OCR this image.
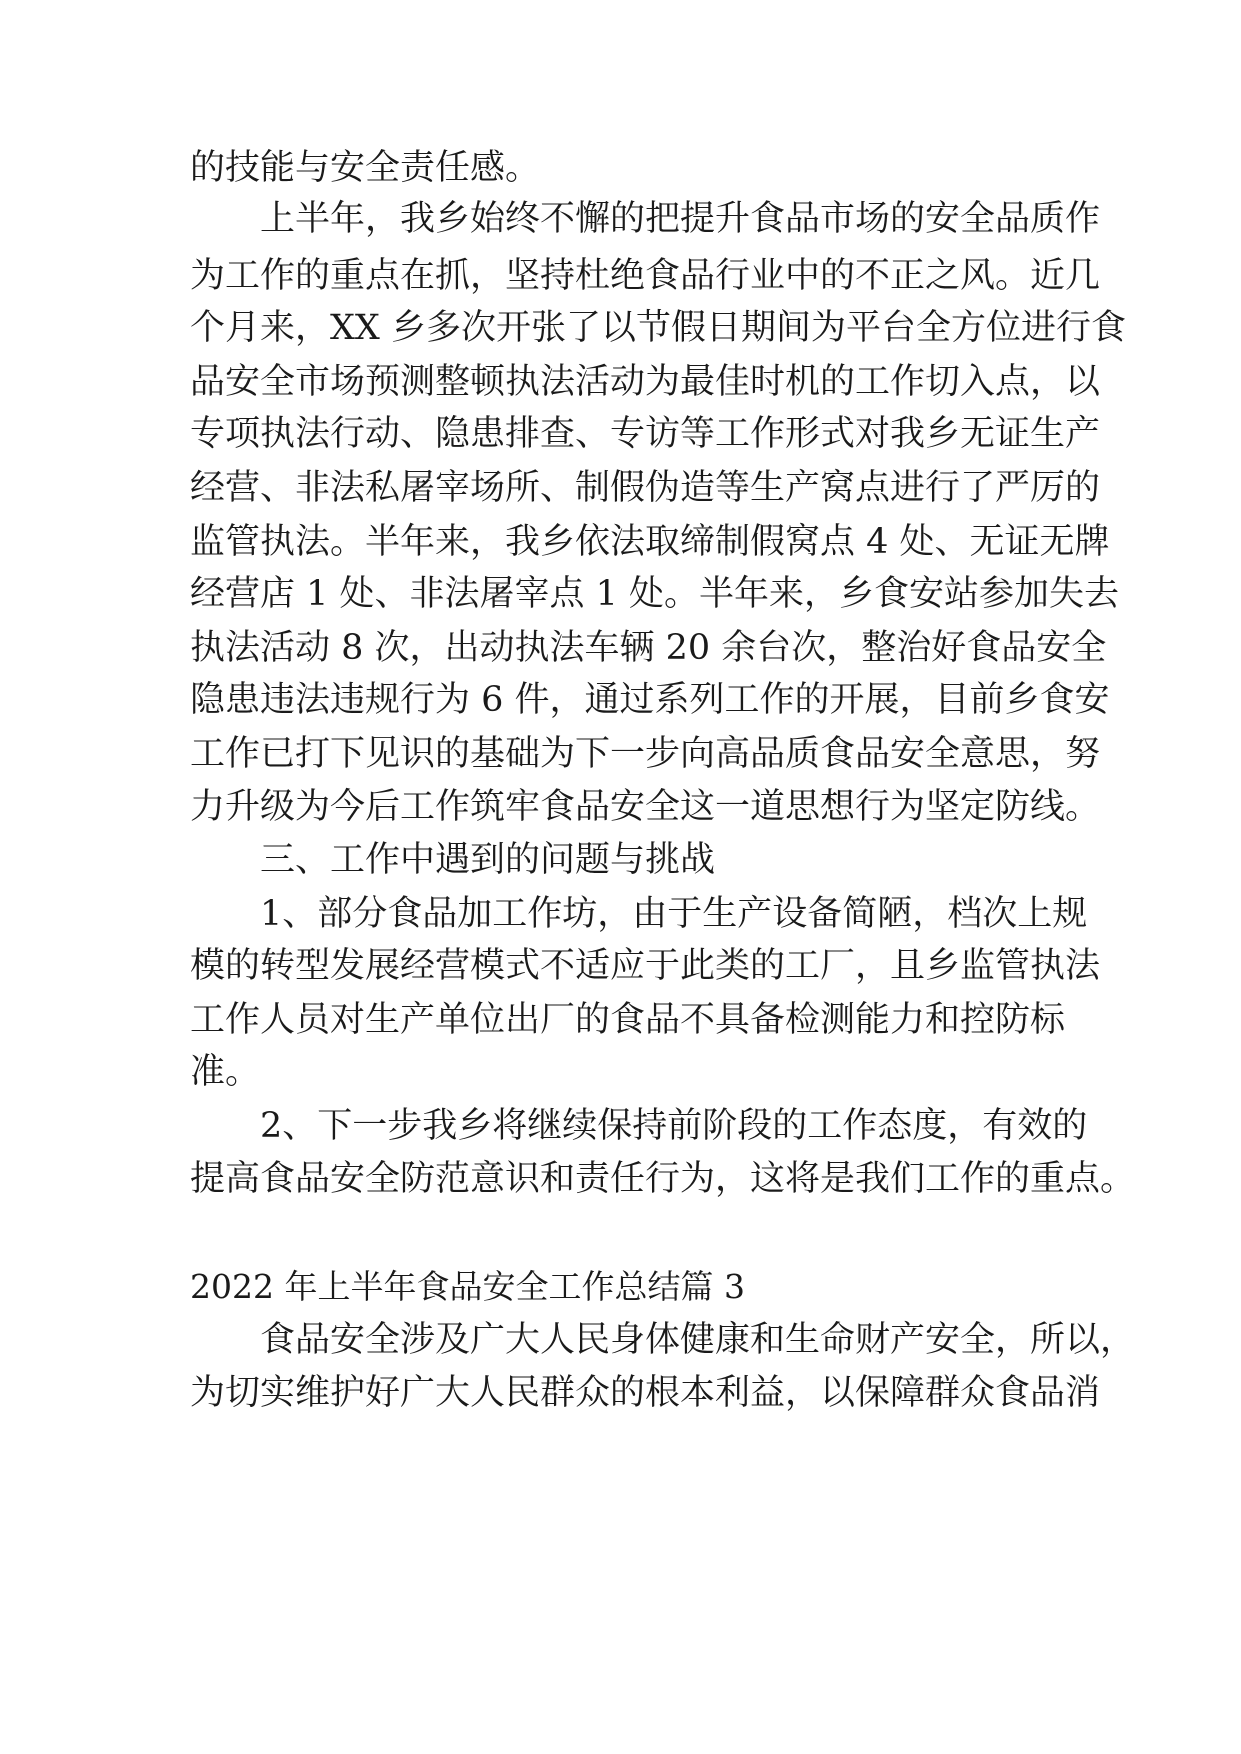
的技能与安全责任感。
上半年，我乡始终不懈的把提升食品市场的安全品质作
为工作的重点在抓，坚持杜绝食品行业中的不正之风。近几
个月来，XX 乡多次开张了以节假日期间为平台全方位进行食
品安全市场预测整顿执法活动为最佳时机的工作切入点，以
专项执法行动、隐患排查、专访等工作形式对我乡无证生产
经营、非法私屠宰场所、制假伪造等生产窝点进行了严厉的
监管执法。半年来，我乡依法取缔制假窝点 4 处、无证无牌
经营店 1 处、非法屠宰点 1 处。半年来，乡食安站参加失去
执法活动 8 次，出动执法车辆 20 余台次，整治好食品安全
隐患违法违规行为 6 件，通过系列工作的开展，目前乡食安
工作已打下见识的基础为下一步向高品质食品安全意思，努
力升级为今后工作筑牢食品安全这一道思想行为坚定防线。
三、工作中遇到的问题与挑战
1、部分食品加工作坊，由于生产设备简陋，档次上规
模的转型发展经营模式不适应于此类的工厂，且乡监管执法
工作人员对生产单位出厂的食品不具备检测能力和控防标
准。
2、下一步我乡将继续保持前阶段的工作态度，有效的
提高食品安全防范意识和责任行为，这将是我们工作的重点。
2022 年上半年食品安全工作总结篇 3
食品安全涉及广大人民身体健康和生命财产安全，所以，
为切实维护好广大人民群众的根本利益，以保障群众食品消
